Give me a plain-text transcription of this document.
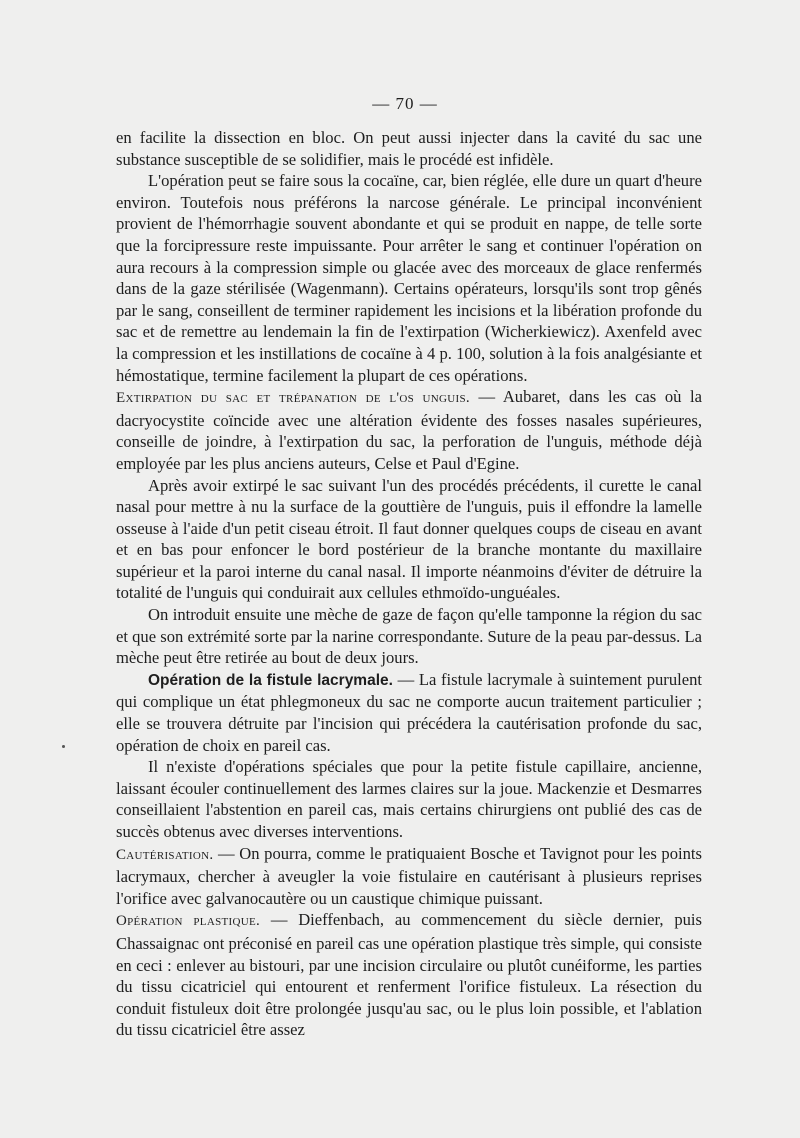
— 70 —

en facilite la dissection en bloc. On peut aussi injecter dans la cavité du sac une substance susceptible de se solidifier, mais le procédé est infidèle.

L'opération peut se faire sous la cocaïne, car, bien réglée, elle dure un quart d'heure environ. Toutefois nous préférons la narcose générale. Le principal inconvénient provient de l'hémorrhagie souvent abondante et qui se produit en nappe, de telle sorte que la forcipressure reste impuissante. Pour arrêter le sang et continuer l'opération on aura recours à la compression simple ou glacée avec des morceaux de glace renfermés dans de la gaze stérilisée (Wagenmann). Certains opérateurs, lorsqu'ils sont trop gênés par le sang, conseillent de terminer rapidement les incisions et la libération profonde du sac et de remettre au lendemain la fin de l'extirpation (Wicherkiewicz). Axenfeld avec la compression et les instillations de cocaïne à 4 p. 100, solution à la fois analgésiante et hémostatique, termine facilement la plupart de ces opérations.

Extirpation du sac et trépanation de l'os unguis. — Aubaret, dans les cas où la dacryocystite coïncide avec une altération évidente des fosses nasales supérieures, conseille de joindre, à l'extirpation du sac, la perforation de l'unguis, méthode déjà employée par les plus anciens auteurs, Celse et Paul d'Egine.

Après avoir extirpé le sac suivant l'un des procédés précédents, il curette le canal nasal pour mettre à nu la surface de la gouttière de l'unguis, puis il effondre la lamelle osseuse à l'aide d'un petit ciseau étroit. Il faut donner quelques coups de ciseau en avant et en bas pour enfoncer le bord postérieur de la branche montante du maxillaire supérieur et la paroi interne du canal nasal. Il importe néanmoins d'éviter de détruire la totalité de l'unguis qui conduirait aux cellules ethmoïdo-unguéales.

On introduit ensuite une mèche de gaze de façon qu'elle tamponne la région du sac et que son extrémité sorte par la narine correspondante. Suture de la peau par-dessus. La mèche peut être retirée au bout de deux jours.

Opération de la fistule lacrymale. — La fistule lacrymale à suintement purulent qui complique un état phlegmoneux du sac ne comporte aucun traitement particulier ; elle se trouvera détruite par l'incision qui précédera la cautérisation profonde du sac, opération de choix en pareil cas.

Il n'existe d'opérations spéciales que pour la petite fistule capillaire, ancienne, laissant écouler continuellement des larmes claires sur la joue. Mackenzie et Desmarres conseillaient l'abstention en pareil cas, mais certains chirurgiens ont publié des cas de succès obtenus avec diverses interventions.

Cautérisation. — On pourra, comme le pratiquaient Bosche et Tavignot pour les points lacrymaux, chercher à aveugler la voie fistulaire en cautérisant à plusieurs reprises l'orifice avec galvanocautère ou un caustique chimique puissant.

Opération plastique. — Dieffenbach, au commencement du siècle dernier, puis Chassaignac ont préconisé en pareil cas une opération plastique très simple, qui consiste en ceci : enlever au bistouri, par une incision circulaire ou plutôt cunéiforme, les parties du tissu cicatriciel qui entourent et renferment l'orifice fistuleux. La résection du conduit fistuleux doit être prolongée jusqu'au sac, ou le plus loin possible, et l'ablation du tissu cicatriciel être assez
